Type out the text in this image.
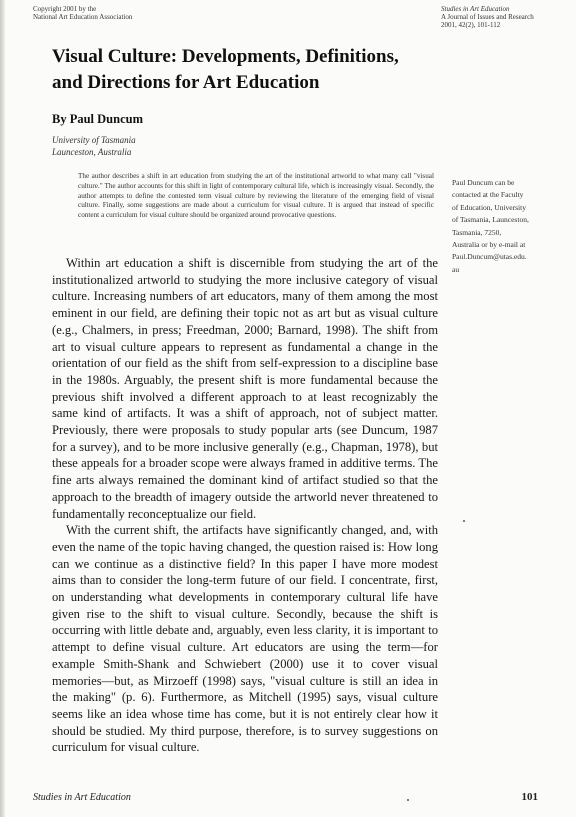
Copyright 2001 by the
National Art Education Association
Studies in Art Education
A Journal of Issues and Research
2001, 42(2), 101-112
Visual Culture: Developments, Definitions, and Directions for Art Education
By Paul Duncum
University of Tasmania
Launceston, Australia
The author describes a shift in art education from studying the art of the institutional artworld to what many call "visual culture." The author accounts for this shift in light of contemporary cultural life, which is increasingly visual. Secondly, the author attempts to define the contested term visual culture by reviewing the literature of the emerging field of visual culture. Finally, some suggestions are made about a curriculum for visual culture. It is argued that instead of specific content a curriculum for visual culture should be organized around provocative questions.
Paul Duncum can be
contacted at the Faculty
of Education, University
of Tasmania, Launceston,
Tasmania, 7250,
Australia or by e-mail at
Paul.Duncum@utas.edu.
au

Within art education a shift is discernible from studying the art of the institutionalized artworld to studying the more inclusive category of visual culture. Increasing numbers of art educators, many of them among the most eminent in our field, are defining their topic not as art but as visual culture (e.g., Chalmers, in press; Freedman, 2000; Barnard, 1998). The shift from art to visual culture appears to represent as fundamental a change in the orientation of our field as the shift from self-expression to a discipline base in the 1980s. Arguably, the present shift is more fundamental because the previous shift involved a different approach to at least recognizably the same kind of artifacts. It was a shift of approach, not of subject matter. Previously, there were proposals to study popular arts (see Duncum, 1987 for a survey), and to be more inclusive generally (e.g., Chapman, 1978), but these appeals for a broader scope were always framed in additive terms. The fine arts always remained the dominant kind of artifact studied so that the approach to the breadth of imagery outside the artworld never threatened to fundamentally reconceptualize our field.

With the current shift, the artifacts have significantly changed, and, with even the name of the topic having changed, the question raised is: How long can we continue as a distinctive field? In this paper I have more modest aims than to consider the long-term future of our field. I concentrate, first, on understanding what developments in contemporary cultural life have given rise to the shift to visual culture. Secondly, because the shift is occurring with little debate and, arguably, even less clarity, it is important to attempt to define visual culture. Art educators are using the term—for example Smith-Shank and Schwiebert (2000) use it to cover visual memories—but, as Mirzoeff (1998) says, "visual culture is still an idea in the making" (p. 6). Furthermore, as Mitchell (1995) says, visual culture seems like an idea whose time has come, but it is not entirely clear how it should be studied. My third purpose, therefore, is to survey suggestions on curriculum for visual culture.

Studies in Art Education	101
